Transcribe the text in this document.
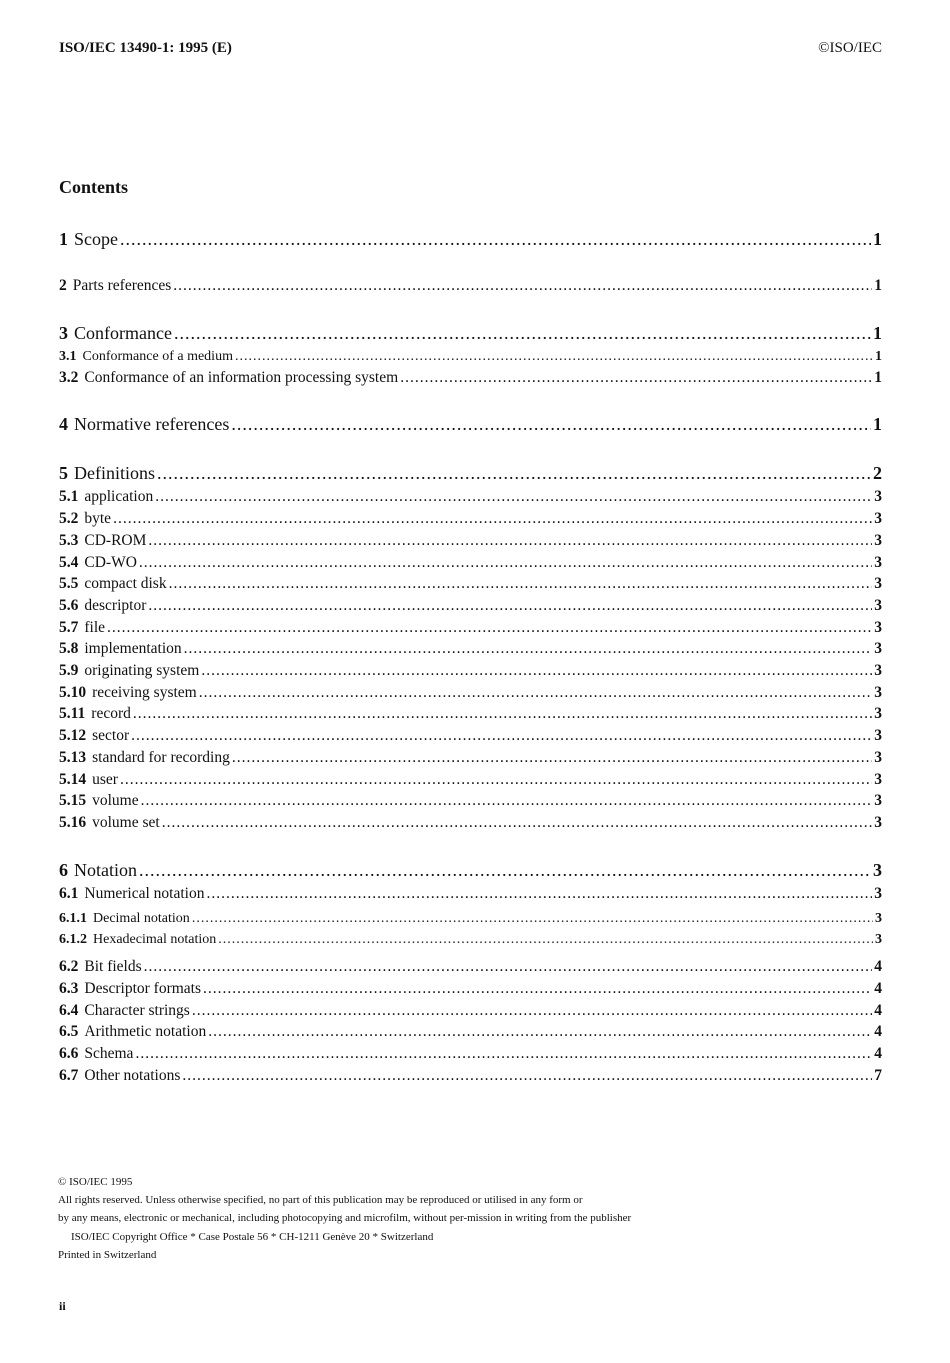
ISO/IEC 13490-1: 1995 (E)	©ISO/IEC
Contents
1 Scope .....	1
2 Parts references .....	1
3 Conformance .....	1
3.1 Conformance of a medium .....	1
3.2 Conformance of an information processing system .....	1
4 Normative references .....	1
5 Definitions .....	2
5.1 application .....	3
5.2 byte .....	3
5.3 CD-ROM .....	3
5.4 CD-WO .....	3
5.5 compact disk .....	3
5.6 descriptor .....	3
5.7 file .....	3
5.8 implementation .....	3
5.9 originating system .....	3
5.10 receiving system .....	3
5.11 record .....	3
5.12 sector .....	3
5.13 standard for recording .....	3
5.14 user .....	3
5.15 volume .....	3
5.16 volume set .....	3
6 Notation .....	3
6.1 Numerical notation .....	3
6.1.1 Decimal notation .....	3
6.1.2 Hexadecimal notation .....	3
6.2 Bit fields .....	4
6.3 Descriptor formats .....	4
6.4 Character strings .....	4
6.5 Arithmetic notation .....	4
6.6 Schema .....	4
6.7 Other notations .....	7
© ISO/IEC 1995
All rights reserved. Unless otherwise specified, no part of this publication may be reproduced or utilised in any form or
by any means, electronic or mechanical, including photocopying and microfilm, without per-mission in writing from the publisher
ISO/IEC Copyright Office * Case Postale 56 * CH-1211 Genève 20 * Switzerland
Printed in Switzerland
ii
